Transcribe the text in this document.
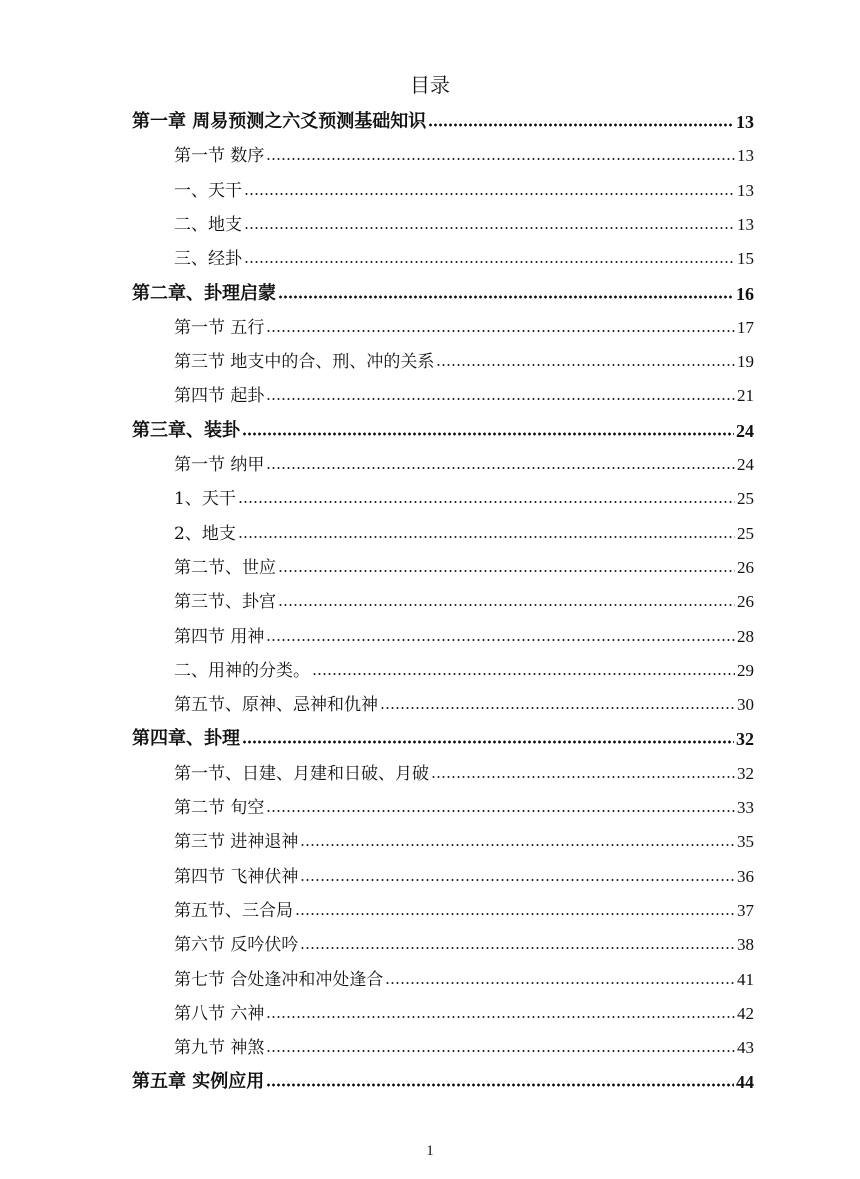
目录
第一章 周易预测之六爻预测基础知识	13
第一节 数序	13
一、天干	13
二、地支	13
三、经卦	15
第二章、卦理启蒙	16
第一节 五行	17
第三节 地支中的合、刑、冲的关系	19
第四节 起卦	21
第三章、装卦	24
第一节 纳甲	24
1、天干	25
2、地支	25
第二节、世应	26
第三节、卦宫	26
第四节 用神	28
二、用神的分类。	29
第五节、原神、忌神和仇神	30
第四章、卦理	32
第一节、日建、月建和日破、月破	32
第二节 旬空	33
第三节 进神退神	35
第四节 飞神伏神	36
第五节、三合局	37
第六节 反吟伏吟	38
第七节 合处逢冲和冲处逢合	41
第八节 六神	42
第九节 神煞	43
第五章 实例应用	44
1
